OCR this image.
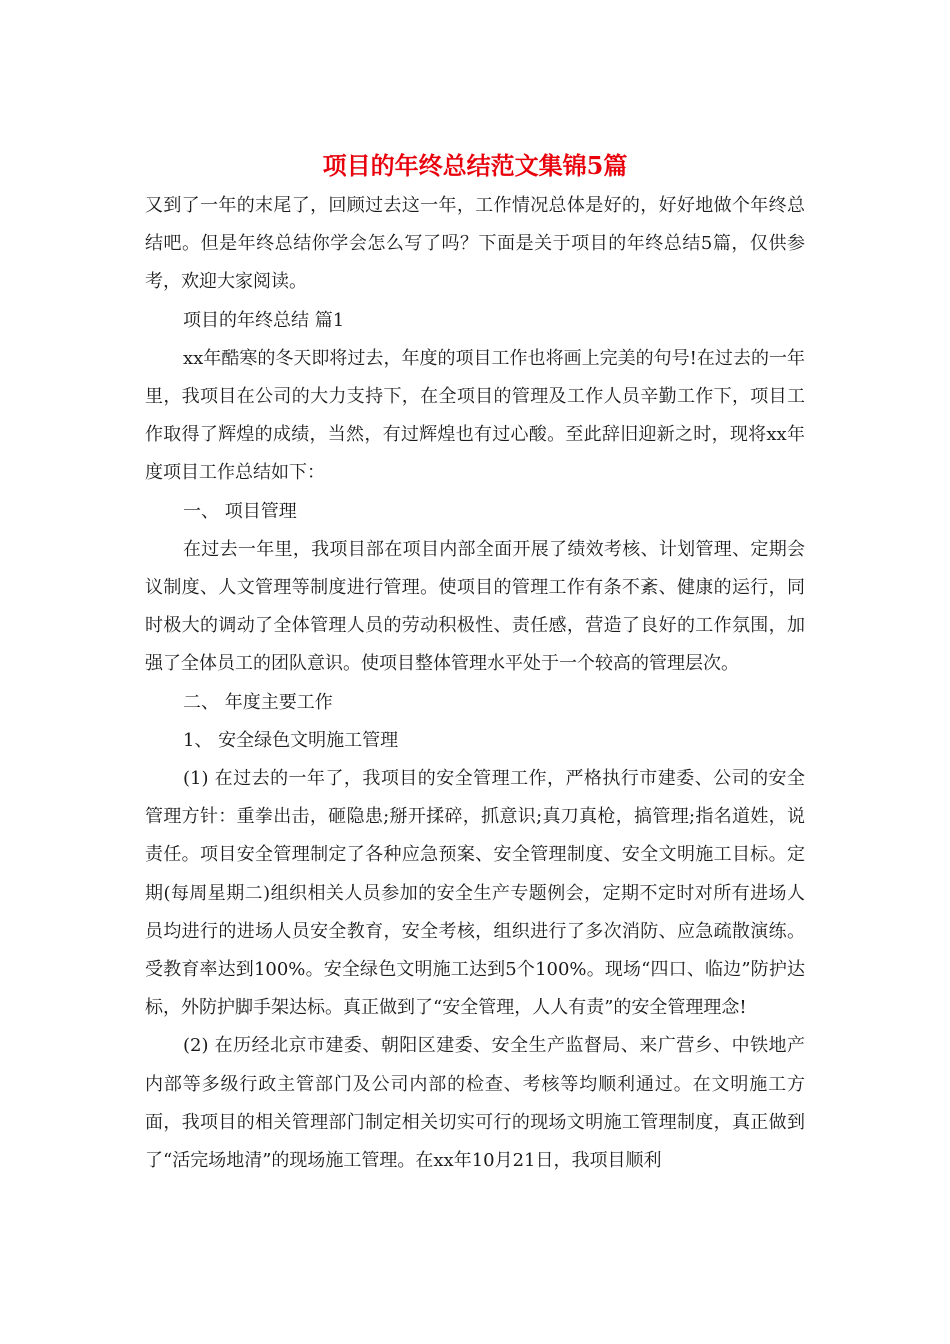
项目的年终总结范文集锦5篇

又到了一年的末尾了，回顾过去这一年，工作情况总体是好的，好好地做个年终总结吧。但是年终总结你学会怎么写了吗？下面是关于项目的年终总结5篇，仅供参考，欢迎大家阅读。

项目的年终总结 篇1

xx年酷寒的冬天即将过去，年度的项目工作也将画上完美的句号!在过去的一年里，我项目在公司的大力支持下，在全项目的管理及工作人员辛勤工作下，项目工作取得了辉煌的成绩，当然，有过辉煌也有过心酸。至此辞旧迎新之时，现将xx年度项目工作总结如下：

一、 项目管理

在过去一年里，我项目部在项目内部全面开展了绩效考核、计划管理、定期会议制度、人文管理等制度进行管理。使项目的管理工作有条不紊、健康的运行，同时极大的调动了全体管理人员的劳动积极性、责任感，营造了良好的工作氛围，加强了全体员工的团队意识。使项目整体管理水平处于一个较高的管理层次。

二、 年度主要工作

1、 安全绿色文明施工管理

(1) 在过去的一年了，我项目的安全管理工作，严格执行市建委、公司的安全管理方针：重拳出击，砸隐患;掰开揉碎，抓意识;真刀真枪，搞管理;指名道姓，说责任。项目安全管理制定了各种应急预案、安全管理制度、安全文明施工目标。定期(每周星期二)组织相关人员参加的安全生产专题例会，定期不定时对所有进场人员均进行的进场人员安全教育，安全考核，组织进行了多次消防、应急疏散演练。受教育率达到100%。安全绿色文明施工达到5个100%。现场“四口、临边”防护达标，外防护脚手架达标。真正做到了“安全管理，人人有责”的安全管理理念!

(2) 在历经北京市建委、朝阳区建委、安全生产监督局、来广营乡、中铁地产内部等多级行政主管部门及公司内部的检查、考核等均顺利通过。在文明施工方面，我项目的相关管理部门制定相关切实可行的现场文明施工管理制度，真正做到了“活完场地清”的现场施工管理。在xx年10月21日，我项目顺利
